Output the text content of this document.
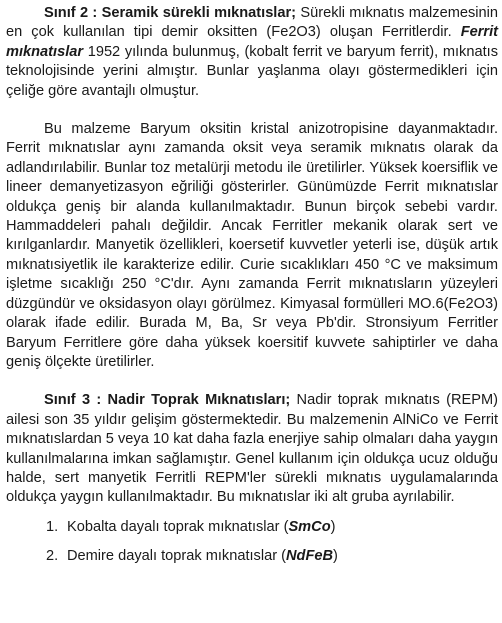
Sınıf 2 : Seramik sürekli mıknatıslar; Sürekli mıknatıs malzemesinin en çok kullanılan tipi demir oksitten (Fe2O3) oluşan Ferritlerdir. Ferrit mıknatıslar 1952 yılında bulunmuş, (kobalt ferrit ve baryum ferrit), mıknatıs teknolojisinde yerini almıştır. Bunlar yaşlanma olayı göstermedikleri için çeliğe göre avantajlı olmuştur.

Bu malzeme Baryum oksitin kristal anizotropisine dayanmaktadır. Ferrit mıknatıslar aynı zamanda oksit veya seramik mıknatıs olarak da adlandırılabilir. Bunlar toz metalürji metodu ile üretilirler. Yüksek koersiflik ve lineer demanyetizasyon eğriliği gösterirler. Günümüzde Ferrit mıknatıslar oldukça geniş bir alanda kullanılmaktadır. Bunun birçok sebebi vardır. Hammaddeleri pahalı değildir. Ancak Ferritler mekanik olarak sert ve kırılganlardır. Manyetik özellikleri, koersetif kuvvetler yeterli ise, düşük artık mıknatısiyetlik ile karakterize edilir. Curie sıcaklıkları 450 °C ve maksimum işletme sıcaklığı 250 °C'dır. Aynı zamanda Ferrit mıknatısların yüzeyleri düzgündür ve oksidasyon olayı görülmez. Kimyasal formülleri MO.6(Fe2O3) olarak ifade edilir. Burada M, Ba, Sr veya Pb'dir. Stronsiyum Ferritler Baryum Ferritlere göre daha yüksek koersitif kuvvete sahiptirler ve daha geniş ölçekte üretilirler.

Sınıf 3 : Nadir Toprak Mıknatısları; Nadir toprak mıknatıs (REPM) ailesi son 35 yıldır gelişim göstermektedir. Bu malzemenin AlNiCo ve Ferrit mıknatıslardan 5 veya 10 kat daha fazla enerjiye sahip olmaları daha yaygın kullanılmalarına imkan sağlamıştır. Genel kullanım için oldukça ucuz olduğu halde, sert manyetik Ferritli REPM'ler sürekli mıknatıs uygulamalarında oldukça yaygın kullanılmaktadır. Bu mıknatıslar iki alt gruba ayrılabilir.

1. Kobalta dayalı toprak mıknatıslar (SmCo)
2. Demire dayalı toprak mıknatıslar (NdFeB)
